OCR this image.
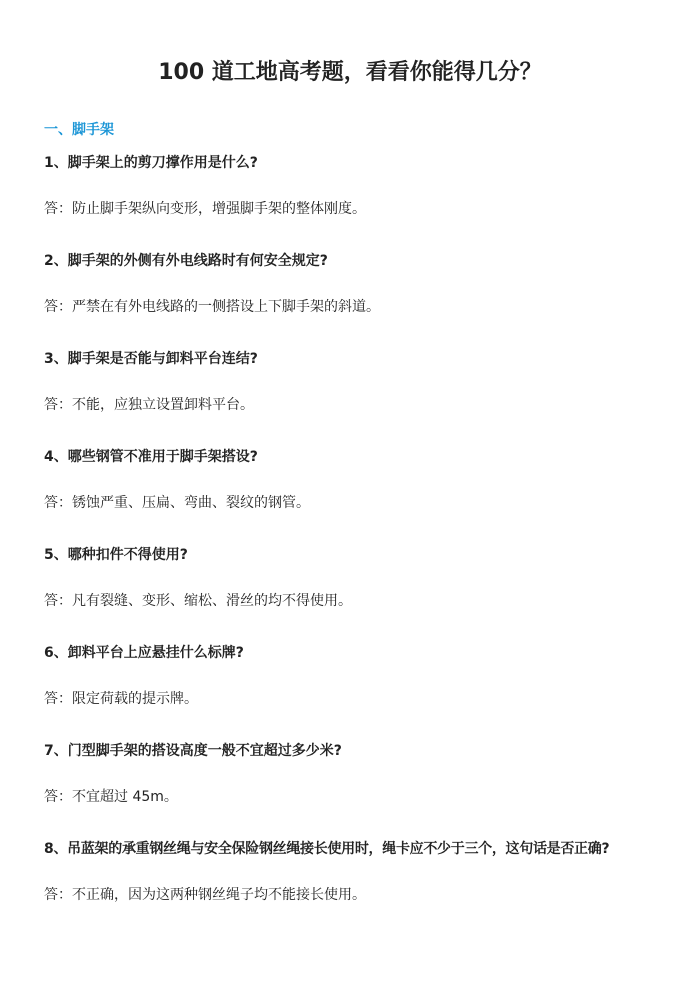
100 道工地高考题，看看你能得几分？
一、脚手架
1、脚手架上的剪刀撑作用是什么?
答：防止脚手架纵向变形，增强脚手架的整体刚度。
2、脚手架的外侧有外电线路时有何安全规定?
答：严禁在有外电线路的一侧搭设上下脚手架的斜道。
3、脚手架是否能与卸料平台连结?
答：不能，应独立设置卸料平台。
4、哪些钢管不准用于脚手架搭设?
答：锈蚀严重、压扁、弯曲、裂纹的钢管。
5、哪种扣件不得使用?
答：凡有裂缝、变形、缩松、滑丝的均不得使用。
6、卸料平台上应悬挂什么标牌?
答：限定荷载的提示牌。
7、门型脚手架的搭设高度一般不宜超过多少米?
答：不宜超过 45m。
8、吊蓝架的承重钢丝绳与安全保险钢丝绳接长使用时，绳卡应不少于三个，这句话是否正确?
答：不正确，因为这两种钢丝绳子均不能接长使用。
